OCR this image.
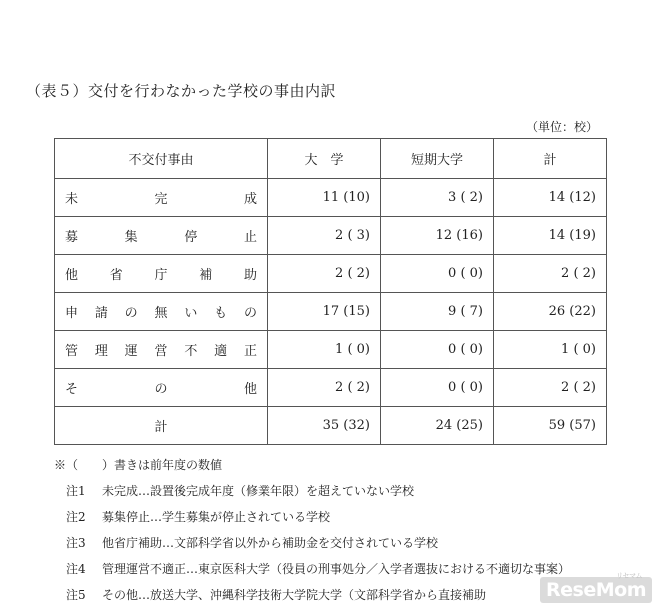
（表５）交付を行わなかった学校の事由内訳
（単位：校）
不交付事由	大　学	短期大学	計
未完成	11 (10)	3 ( 2)	14 (12)
募集停止	2 ( 3)	12 (16)	14 (19)
他省庁補助	2 ( 2)	0 ( 0)	2 ( 2)
申請の無いもの	17 (15)	9 ( 7)	26 (22)
管理運営不適正	1 ( 0)	0 ( 0)	1 ( 0)
その他	2 ( 2)	0 ( 0)	2 ( 2)
計	35 (32)	24 (25)	59 (57)
※（　　）書きは前年度の数値
注1 未完成…設置後完成年度（修業年限）を超えていない学校
注2 募集停止…学生募集が停止されている学校
注3 他省庁補助…文部科学省以外から補助金を交付されている学校
注4 管理運営不適正…東京医科大学（役員の刑事処分／入学者選抜における不適切な事案）
注5 その他…放送大学、沖縄科学技術大学院大学（文部科学省から直接補助
リセマム
ReseMom
